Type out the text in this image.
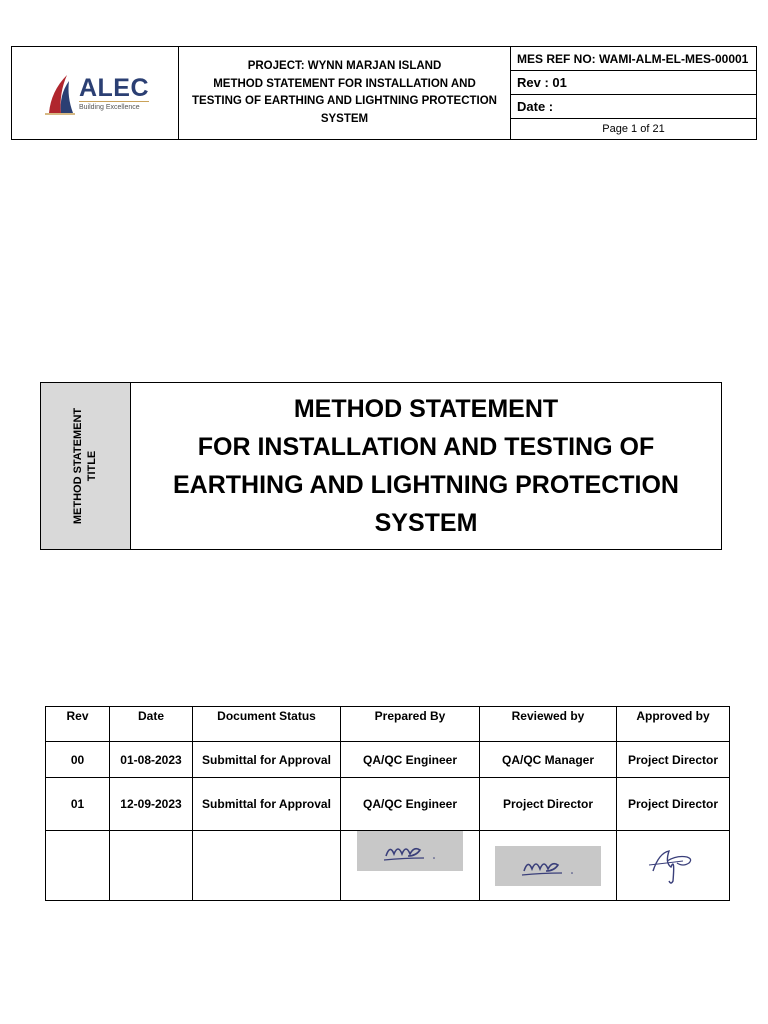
ALEC
Building Excellence

PROJECT: WYNN MARJAN ISLAND
METHOD STATEMENT FOR INSTALLATION AND
TESTING OF EARTHING AND LIGHTNING PROTECTION
SYSTEM
	MES REF NO: WAMI-ALM-EL-MES-00001
Rev : 01
Date :
Page 1 of 21
METHOD STATEMENT TITLE
METHOD STATEMENT
FOR INSTALLATION AND TESTING OF
EARTHING AND LIGHTNING PROTECTION
SYSTEM
Rev	Date	Document Status	Prepared By	Reviewed by	Approved by
00	01-08-2023	Submittal for Approval	QA/QC Engineer	QA/QC Manager	Project Director
01	12-09-2023	Submittal for Approval	QA/QC Engineer	Project Director	Project Director
